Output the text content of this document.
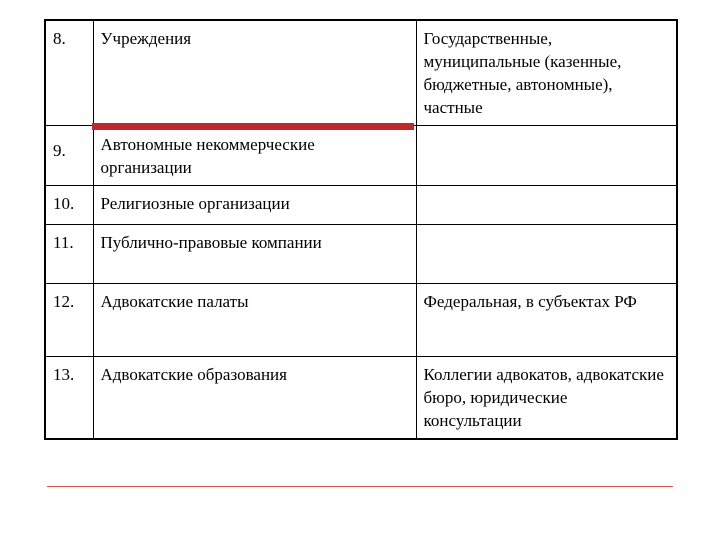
8.	Учреждения	Государственные, муниципальные (казенные, бюджетные, автономные), частные
9.	Автономные некоммерческие организации	
10.	Религиозные организации	
11.	Публично-правовые компании	
12.	Адвокатские палаты	Федеральная, в субъектах РФ
13.	Адвокатские образования	Коллегии адвокатов, адвокатские бюро, юридические консультации
